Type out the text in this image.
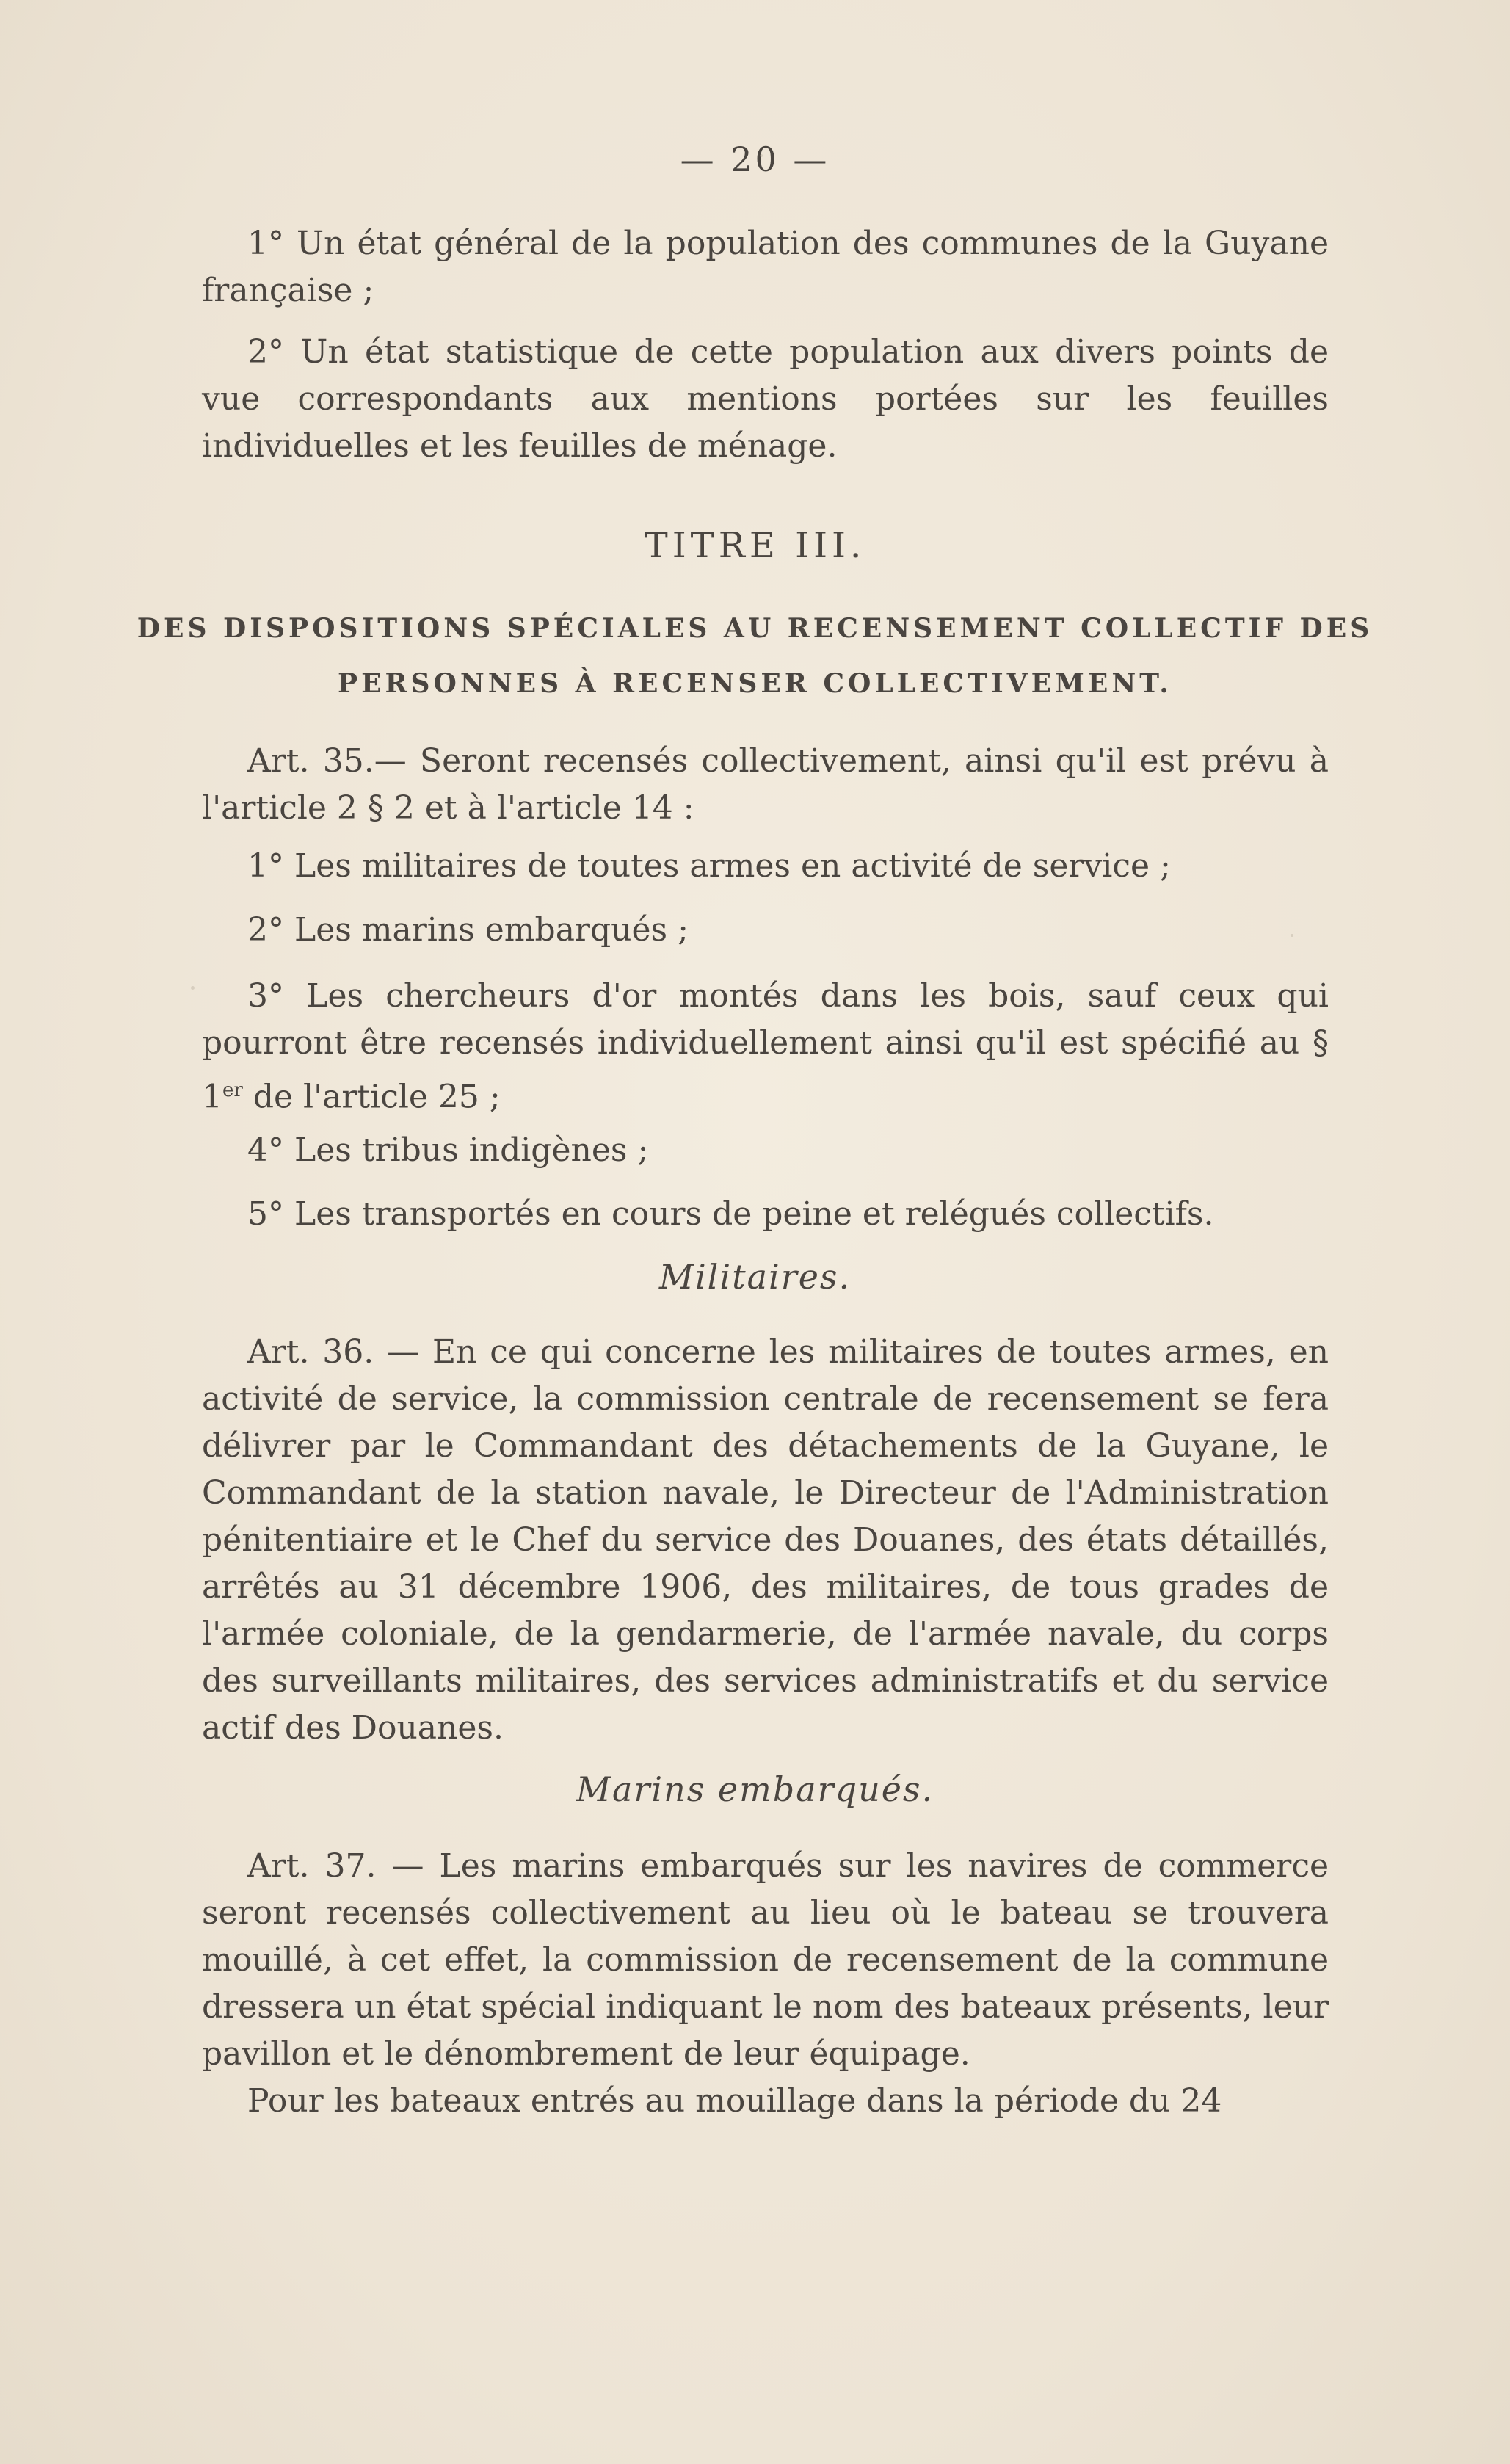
— 20 —
1° Un état général de la population des communes de la Guyane française ;
2° Un état statistique de cette population aux divers points de vue correspondants aux mentions portées sur les feuilles individuelles et les feuilles de ménage.
TITRE III.
DES DISPOSITIONS SPÉCIALES AU RECENSEMENT COLLECTIF DES
PERSONNES À RECENSER COLLECTIVEMENT.
Art. 35.— Seront recensés collectivement, ainsi qu'il est prévu à l'article 2 § 2 et à l'article 14 :
1° Les militaires de toutes armes en activité de service ;
2° Les marins embarqués ;
3° Les chercheurs d'or montés dans les bois, sauf ceux qui pourront être recensés individuellement ainsi qu'il est spécifié au § 1er de l'article 25 ;
4° Les tribus indigènes ;
5° Les transportés en cours de peine et relégués collectifs.
Militaires.
Art. 36. — En ce qui concerne les militaires de toutes armes, en activité de service, la commission centrale de recensement se fera délivrer par le Commandant des détachements de la Guyane, le Commandant de la station navale, le Directeur de l'Administration pénitentiaire et le Chef du service des Douanes, des états détaillés, arrêtés au 31 décembre 1906, des militaires, de tous grades de l'armée coloniale, de la gendarmerie, de l'armée navale, du corps des surveillants militaires, des services administratifs et du service actif des Douanes.
Marins embarqués.
Art. 37. — Les marins embarqués sur les navires de commerce seront recensés collectivement au lieu où le bateau se trouvera mouillé, à cet effet, la commission de recensement de la commune dressera un état spécial indiquant le nom des bateaux présents, leur pavillon et le dénombrement de leur équipage.
Pour les bateaux entrés au mouillage dans la période du 24
